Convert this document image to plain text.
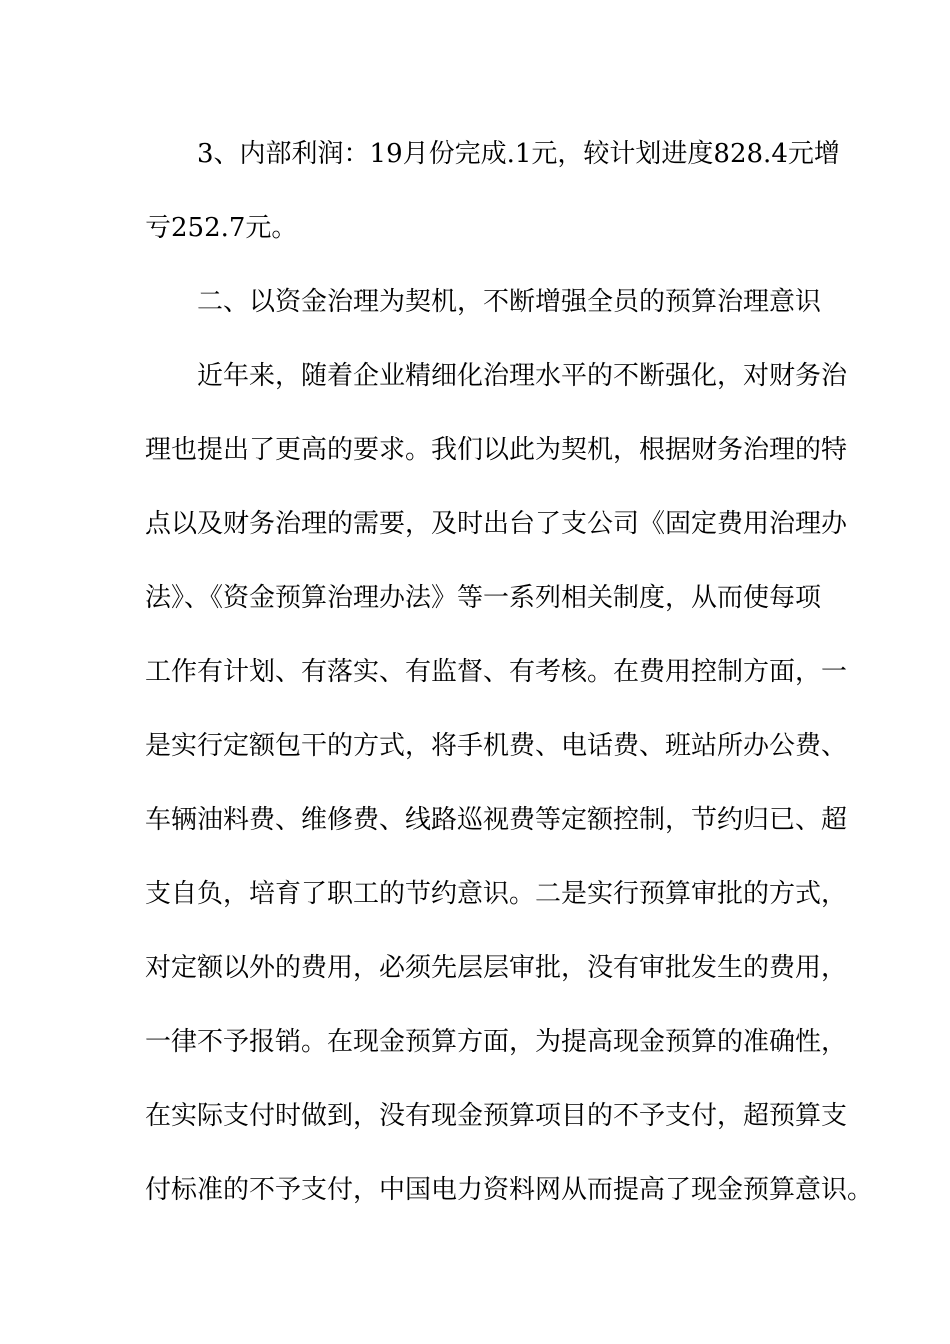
3、内部利润：19月份完成.1元，较计划进度828.4元增
亏252.7元。
二、以资金治理为契机，不断增强全员的预算治理意识
近年来，随着企业精细化治理水平的不断强化，对财务治
理也提出了更高的要求。我们以此为契机，根据财务治理的特
点以及财务治理的需要，及时出台了支公司《固定费用治理办
法》、《资金预算治理办法》等一系列相关制度，从而使每项
工作有计划、有落实、有监督、有考核。在费用控制方面，一
是实行定额包干的方式，将手机费、电话费、班站所办公费、
车辆油料费、维修费、线路巡视费等定额控制，节约归已、超
支自负，培育了职工的节约意识。二是实行预算审批的方式，
对定额以外的费用，必须先层层审批，没有审批发生的费用，
一律不予报销。在现金预算方面，为提高现金预算的准确性，
在实际支付时做到，没有现金预算项目的不予支付，超预算支
付标准的不予支付，中国电力资料网从而提高了现金预算意识。
